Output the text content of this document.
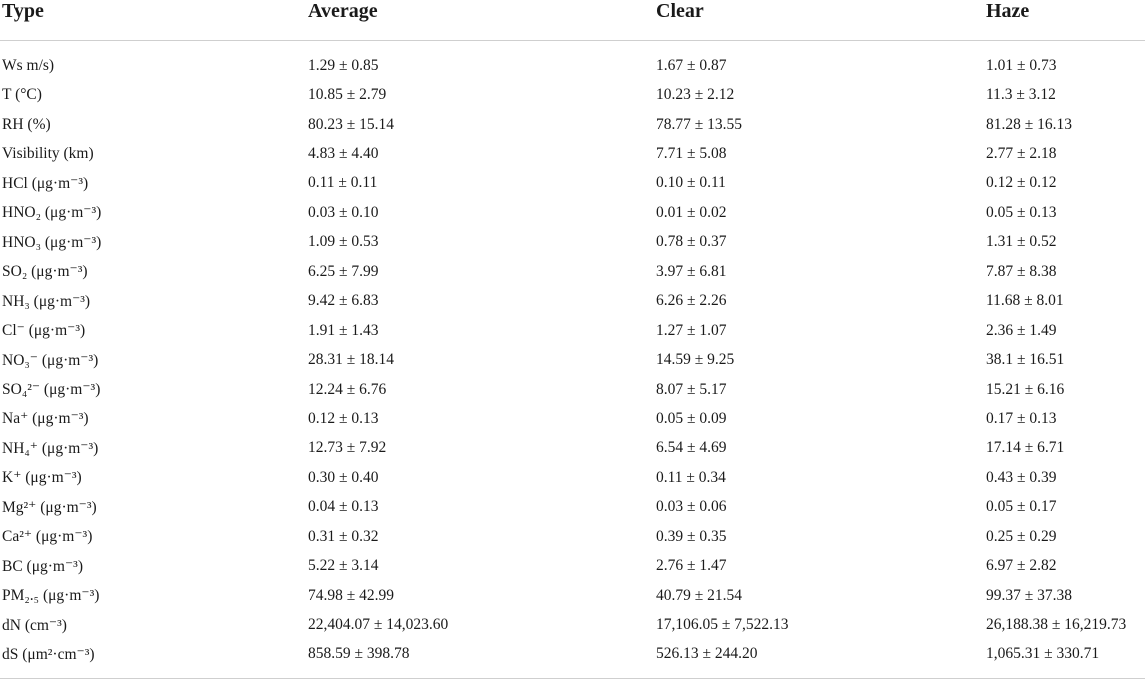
Type	Average	Clear	Haze
Ws m/s)	1.29 ± 0.85	1.67 ± 0.87	1.01 ± 0.73
T (°C)	10.85 ± 2.79	10.23 ± 2.12	11.3 ± 3.12
RH (%)	80.23 ± 15.14	78.77 ± 13.55	81.28 ± 16.13
Visibility (km)	4.83 ± 4.40	7.71 ± 5.08	2.77 ± 2.18
HCl (μg·m⁻³)	0.11 ± 0.11	0.10 ± 0.11	0.12 ± 0.12
HNO₂ (μg·m⁻³)	0.03 ± 0.10	0.01 ± 0.02	0.05 ± 0.13
HNO₃ (μg·m⁻³)	1.09 ± 0.53	0.78 ± 0.37	1.31 ± 0.52
SO₂ (μg·m⁻³)	6.25 ± 7.99	3.97 ± 6.81	7.87 ± 8.38
NH₃ (μg·m⁻³)	9.42 ± 6.83	6.26 ± 2.26	11.68 ± 8.01
Cl⁻ (μg·m⁻³)	1.91 ± 1.43	1.27 ± 1.07	2.36 ± 1.49
NO₃⁻ (μg·m⁻³)	28.31 ± 18.14	14.59 ± 9.25	38.1 ± 16.51
SO₄²⁻ (μg·m⁻³)	12.24 ± 6.76	8.07 ± 5.17	15.21 ± 6.16
Na⁺ (μg·m⁻³)	0.12 ± 0.13	0.05 ± 0.09	0.17 ± 0.13
NH₄⁺ (μg·m⁻³)	12.73 ± 7.92	6.54 ± 4.69	17.14 ± 6.71
K⁺ (μg·m⁻³)	0.30 ± 0.40	0.11 ± 0.34	0.43 ± 0.39
Mg²⁺ (μg·m⁻³)	0.04 ± 0.13	0.03 ± 0.06	0.05 ± 0.17
Ca²⁺ (μg·m⁻³)	0.31 ± 0.32	0.39 ± 0.35	0.25 ± 0.29
BC (μg·m⁻³)	5.22 ± 3.14	2.76 ± 1.47	6.97 ± 2.82
PM₂.₅ (μg·m⁻³)	74.98 ± 42.99	40.79 ± 21.54	99.37 ± 37.38
dN (cm⁻³)	22,404.07 ± 14,023.60	17,106.05 ± 7,522.13	26,188.38 ± 16,219.73
dS (μm²·cm⁻³)	858.59 ± 398.78	526.13 ± 244.20	1,065.31 ± 330.71
